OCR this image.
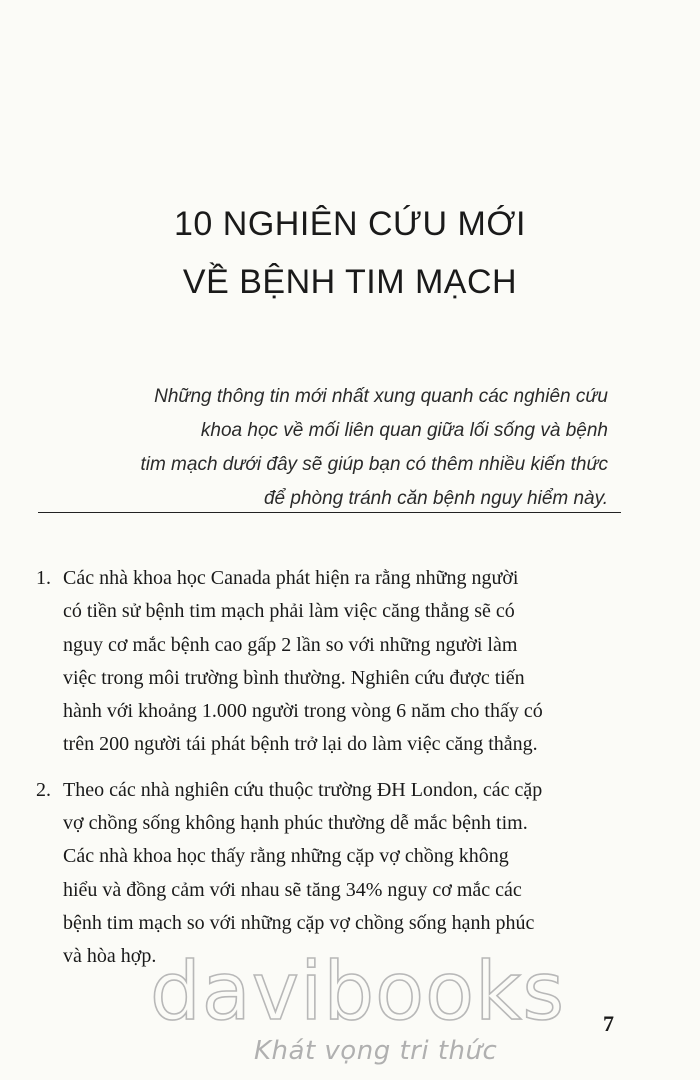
10 NGHIÊN CỨU MỚI
VỀ BỆNH TIM MẠCH
Những thông tin mới nhất xung quanh các nghiên cứu
khoa học về mối liên quan giữa lối sống và bệnh
tim mạch dưới đây sẽ giúp bạn có thêm nhiều kiến thức
để phòng tránh căn bệnh nguy hiểm này.
1. Các nhà khoa học Canada phát hiện ra rằng những người
có tiền sử bệnh tim mạch phải làm việc căng thẳng sẽ có
nguy cơ mắc bệnh cao gấp 2 lần so với những người làm
việc trong môi trường bình thường. Nghiên cứu được tiến
hành với khoảng 1.000 người trong vòng 6 năm cho thấy có
trên 200 người tái phát bệnh trở lại do làm việc căng thẳng.
2. Theo các nhà nghiên cứu thuộc trường ĐH London, các cặp
vợ chồng sống không hạnh phúc thường dễ mắc bệnh tim.
Các nhà khoa học thấy rằng những cặp vợ chồng không
hiểu và đồng cảm với nhau sẽ tăng 34% nguy cơ mắc các
bệnh tim mạch so với những cặp vợ chồng sống hạnh phúc
và hòa hợp.
7
davibooks
Khát vọng tri thức
